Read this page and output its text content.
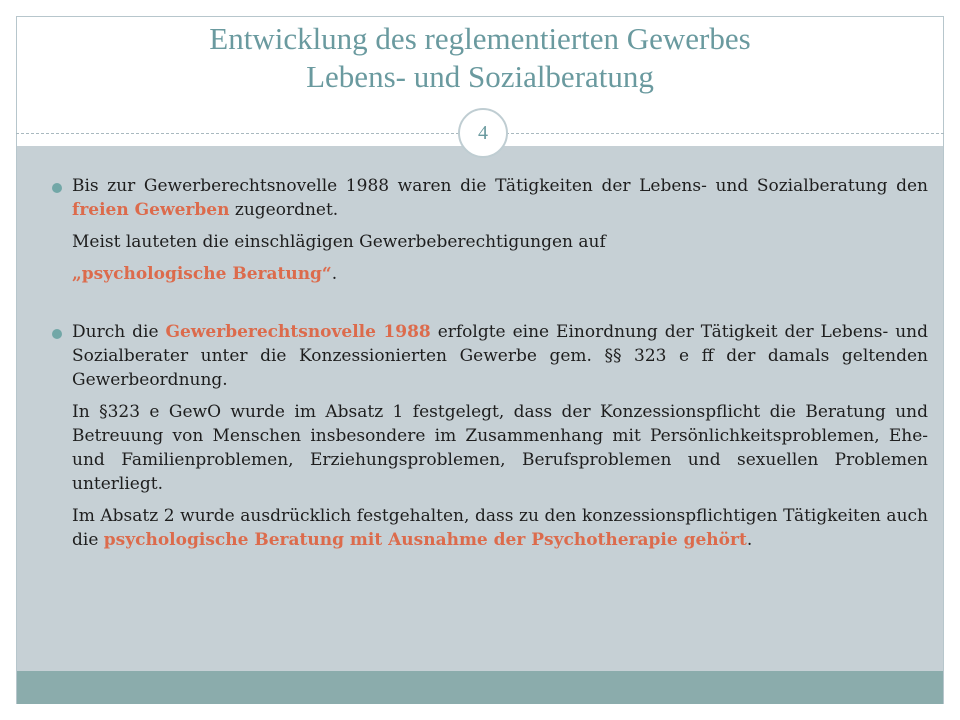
Entwicklung des reglementierten Gewerbes
Lebens- und Sozialberatung
4

Bis zur Gewerberechtsnovelle 1988 waren die Tätigkeiten der Lebens- und Sozialberatung den freien Gewerben zugeordnet.

Meist lauteten die einschlägigen Gewerbeberechtigungen auf

„psychologische Beratung“.

Durch die Gewerberechtsnovelle 1988 erfolgte eine Einordnung der Tätigkeit der Lebens- und Sozialberater unter die Konzessionierten Gewerbe gem. §§ 323 e ff der damals geltenden Gewerbeordnung.

In §323 e GewO wurde im Absatz 1 festgelegt, dass der Konzessionspflicht die Beratung und Betreuung von Menschen insbesondere im Zusammenhang mit Persönlichkeitsproblemen, Ehe- und Familienproblemen, Erziehungsproblemen, Berufsproblemen und sexuellen Problemen unterliegt.

Im Absatz 2 wurde ausdrücklich festgehalten, dass zu den konzessionspflichtigen Tätigkeiten auch die psychologische Beratung mit Ausnahme der Psychotherapie gehört.
